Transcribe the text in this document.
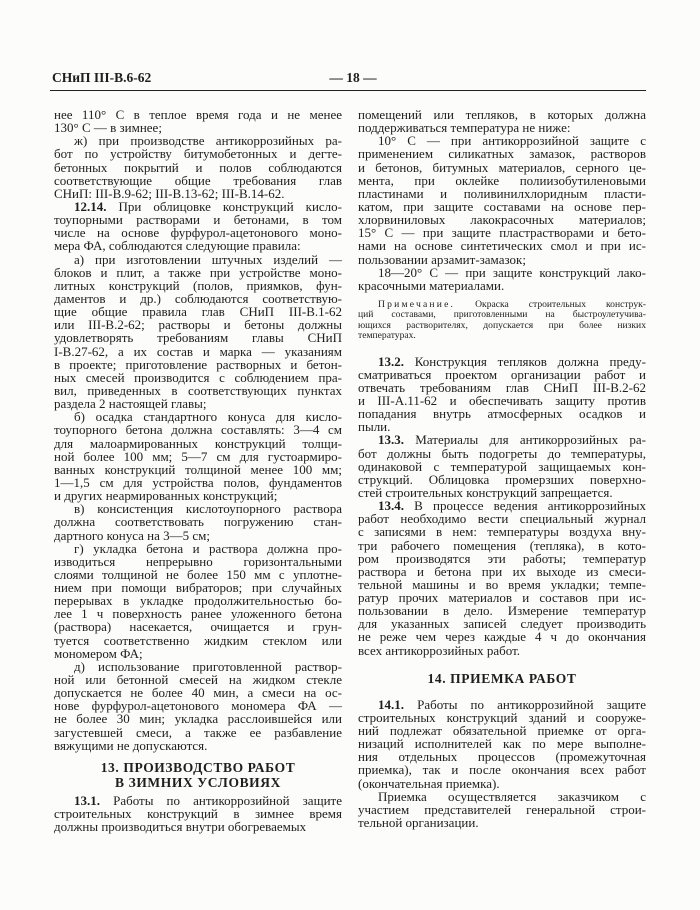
СНиП III-В.6-62	— 18 —
нее 110° С в теплое время года и не менее
130° С — в зимнее;
ж) при производстве антикоррозийных ра-
бот по устройству битумобетонных и дегте-
бетонных покрытий и полов соблюдаются
соответствующие общие требования глав
СНиП: III-В.9-62; III-В.13-62; III-В.14-62.
12.14. При облицовке конструкций кисло-
тоупорными растворами и бетонами, в том
числе на основе фурфурол-ацетонового моно-
мера ФА, соблюдаются следующие правила:
а) при изготовлении штучных изделий —
блоков и плит, а также при устройстве моно-
литных конструкций (полов, приямков, фун-
даментов и др.) соблюдаются соответствую-
щие общие правила глав СНиП III-В.1-62
или III-В.2-62; растворы и бетоны должны
удовлетворять требованиям главы СНиП
I-В.27-62, а их состав и марка — указаниям
в проекте; приготовление растворных и бетон-
ных смесей производится с соблюдением пра-
вил, приведенных в соответствующих пунктах
раздела 2 настоящей главы;
б) осадка стандартного конуса для кисло-
тоупорного бетона должна составлять: 3—4 см
для малоармированных конструкций толщи-
ной более 100 мм; 5—7 см для густоармиро-
ванных конструкций толщиной менее 100 мм;
1—1,5 см для устройства полов, фундаментов
и других неармированных конструкций;
в) консистенция кислотоупорного раствора
должна соответствовать погружению стан-
дартного конуса на 3—5 см;
г) укладка бетона и раствора должна про-
изводиться непрерывно горизонтальными
слоями толщиной не более 150 мм с уплотне-
нием при помощи вибраторов; при случайных
перерывах в укладке продолжительностью бо-
лее 1 ч поверхность ранее уложенного бетона
(раствора) насекается, очищается и грун-
туется соответственно жидким стеклом или
мономером ФА;
д) использование приготовленной раствор-
ной или бетонной смесей на жидком стекле
допускается не более 40 мин, а смеси на ос-
нове фурфурол-ацетонового мономера ФА —
не более 30 мин; укладка расслоившейся или
загустевшей смеси, а также ее разбавление
вяжущими не допускаются.
13. ПРОИЗВОДСТВО РАБОТ
В ЗИМНИХ УСЛОВИЯХ
13.1. Работы по антикоррозийной защите
строительных конструкций в зимнее время
должны производиться внутри обогреваемых
помещений или тепляков, в которых должна
поддерживаться температура не ниже:
10° С — при антикоррозийной защите с
применением силикатных замазок, растворов
и бетонов, битумных материалов, серного це-
мента, при оклейке полиизобутиленовыми
пластинами и поливинилхлоридным пласти-
катом, при защите составами на основе пер-
хлорвиниловых лакокрасочных материалов;
15° С — при защите пластрастворами и бето-
нами на основе синтетических смол и при ис-
пользовании арзамит-замазок;
18—20° С — при защите конструкций лако-
красочными материалами.
Примечание. Окраска строительных конструк-
ций составами, приготовленными на быстроулетучива-
ющихся растворителях, допускается при более низких
температурах.
13.2. Конструкция тепляков должна преду-
сматриваться проектом организации работ и
отвечать требованиям глав СНиП III-В.2-62
и III-А.11-62 и обеспечивать защиту против
попадания внутрь атмосферных осадков и
пыли.
13.3. Материалы для антикоррозийных ра-
бот должны быть подогреты до температуры,
одинаковой с температурой защищаемых кон-
струкций. Облицовка промерзших поверхно-
стей строительных конструкций запрещается.
13.4. В процессе ведения антикоррозийных
работ необходимо вести специальный журнал
с записями в нем: температуры воздуха вну-
три рабочего помещения (тепляка), в кото-
ром производятся эти работы; температур
раствора и бетона при их выходе из смеси-
тельной машины и во время укладки; темпе-
ратур прочих материалов и составов при ис-
пользовании в дело. Измерение температур
для указанных записей следует производить
не реже чем через каждые 4 ч до окончания
всех антикоррозийных работ.
14. ПРИЕМКА РАБОТ
14.1. Работы по антикоррозийной защите
строительных конструкций зданий и сооруже-
ний подлежат обязательной приемке от орга-
низаций исполнителей как по мере выполне-
ния отдельных процессов (промежуточная
приемка), так и после окончания всех работ
(окончательная приемка).
Приемка осуществляется заказчиком с
участием представителей генеральной строи-
тельной организации.
